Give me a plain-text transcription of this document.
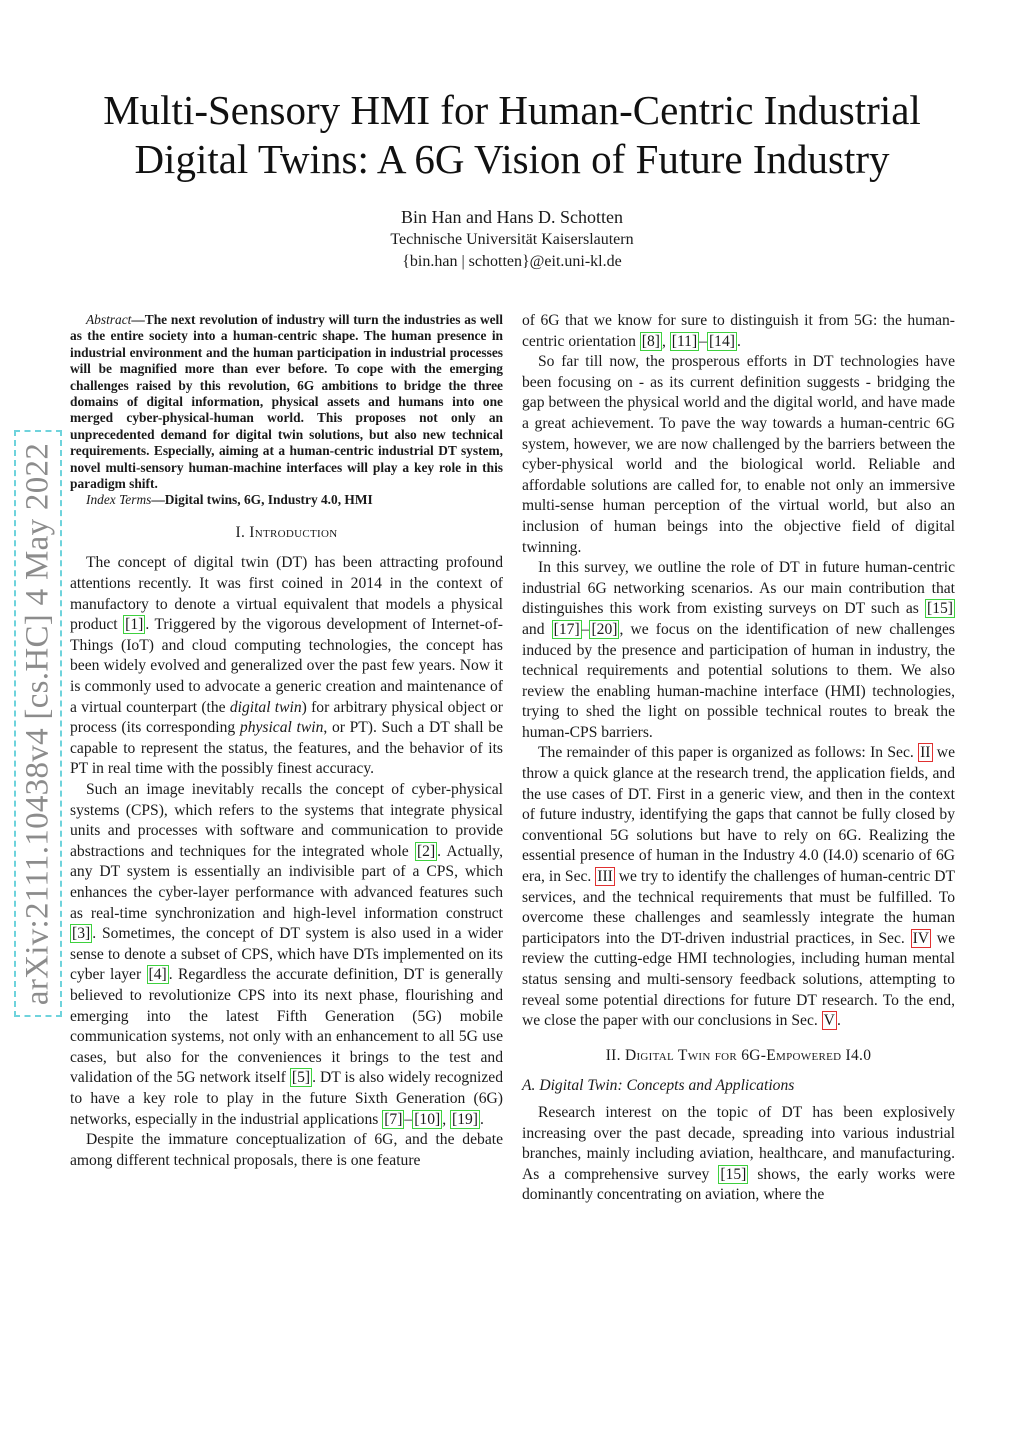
arXiv:2111.10438v4 [cs.HC] 4 May 2022
Multi-Sensory HMI for Human-Centric Industrial
Digital Twins: A 6G Vision of Future Industry
Bin Han and Hans D. Schotten
Technische Universität Kaiserslautern
{bin.han | schotten}@eit.uni-kl.de

Abstract—The next revolution of industry will turn the industries as well as the entire society into a human-centric shape. The human presence in industrial environment and the human participation in industrial processes will be magnified more than ever before. To cope with the emerging challenges raised by this revolution, 6G ambitions to bridge the three domains of digital information, physical assets and humans into one merged cyber-physical-human world. This proposes not only an unprecedented demand for digital twin solutions, but also new technical requirements. Especially, aiming at a human-centric industrial DT system, novel multi-sensory human-machine interfaces will play a key role in this paradigm shift.

Index Terms—Digital twins, 6G, Industry 4.0, HMI

I. Introduction

The concept of digital twin (DT) has been attracting profound attentions recently. It was first coined in 2014 in the context of manufactory to denote a virtual equivalent that models a physical product [1] . Triggered by the vigorous development of Internet-of-Things (IoT) and cloud computing technologies, the concept has been widely evolved and generalized over the past few years. Now it is commonly used to advocate a generic creation and maintenance of a virtual counterpart (the digital twin) for arbitrary physical object or process (its corresponding physical twin, or PT). Such a DT shall be capable to represent the status, the features, and the behavior of its PT in real time with the possibly finest accuracy.

Such an image inevitably recalls the concept of cyber-physical systems (CPS), which refers to the systems that integrate physical units and processes with software and communication to provide abstractions and techniques for the integrated whole [2] . Actually, any DT system is essentially an indivisible part of a CPS, which enhances the cyber-layer performance with advanced features such as real-time synchronization and high-level information construct [3] . Sometimes, the concept of DT system is also used in a wider sense to denote a subset of CPS, which have DTs implemented on its cyber layer [4] . Regardless the accurate definition, DT is generally believed to revolutionize CPS into its next phase, flourishing and emerging into the latest Fifth Generation (5G) mobile communication systems, not only with an enhancement to all 5G use cases, but also for the conveniences it brings to the test and validation of the 5G network itself [5] . DT is also widely recognized to have a key role to play in the future Sixth Generation (6G) networks, especially in the industrial applications [7] – [10] , [19] .

Despite the immature conceptualization of 6G, and the debate among different technical proposals, there is one feature

of 6G that we know for sure to distinguish it from 5G: the human-centric orientation [8] , [11] – [14] .

So far till now, the prosperous efforts in DT technologies have been focusing on - as its current definition suggests - bridging the gap between the physical world and the digital world, and have made a great achievement. To pave the way towards a human-centric 6G system, however, we are now challenged by the barriers between the cyber-physical world and the biological world. Reliable and affordable solutions are called for, to enable not only an immersive multi-sense human perception of the virtual world, but also an inclusion of human beings into the objective field of digital twinning.

In this survey, we outline the role of DT in future human-centric industrial 6G networking scenarios. As our main contribution that distinguishes this work from existing surveys on DT such as [15] and [17] – [20] , we focus on the identification of new challenges induced by the presence and participation of human in industry, the technical requirements and potential solutions to them. We also review the enabling human-machine interface (HMI) technologies, trying to shed the light on possible technical routes to break the human-CPS barriers.

The remainder of this paper is organized as follows: In Sec. II we throw a quick glance at the research trend, the application fields, and the use cases of DT. First in a generic view, and then in the context of future industry, identifying the gaps that cannot be fully closed by conventional 5G solutions but have to rely on 6G. Realizing the essential presence of human in the Industry 4.0 (I4.0) scenario of 6G era, in Sec. III we try to identify the challenges of human-centric DT services, and the technical requirements that must be fulfilled. To overcome these challenges and seamlessly integrate the human participators into the DT-driven industrial practices, in Sec. IV we review the cutting-edge HMI technologies, including human mental status sensing and multi-sensory feedback solutions, attempting to reveal some potential directions for future DT research. To the end, we close the paper with our conclusions in Sec. V .

II. Digital Twin for 6G-Empowered I4.0
A. Digital Twin: Concepts and Applications

Research interest on the topic of DT has been explosively increasing over the past decade, spreading into various industrial branches, mainly including aviation, healthcare, and manufacturing. As a comprehensive survey [15] shows, the early works were dominantly concentrating on aviation, where the
